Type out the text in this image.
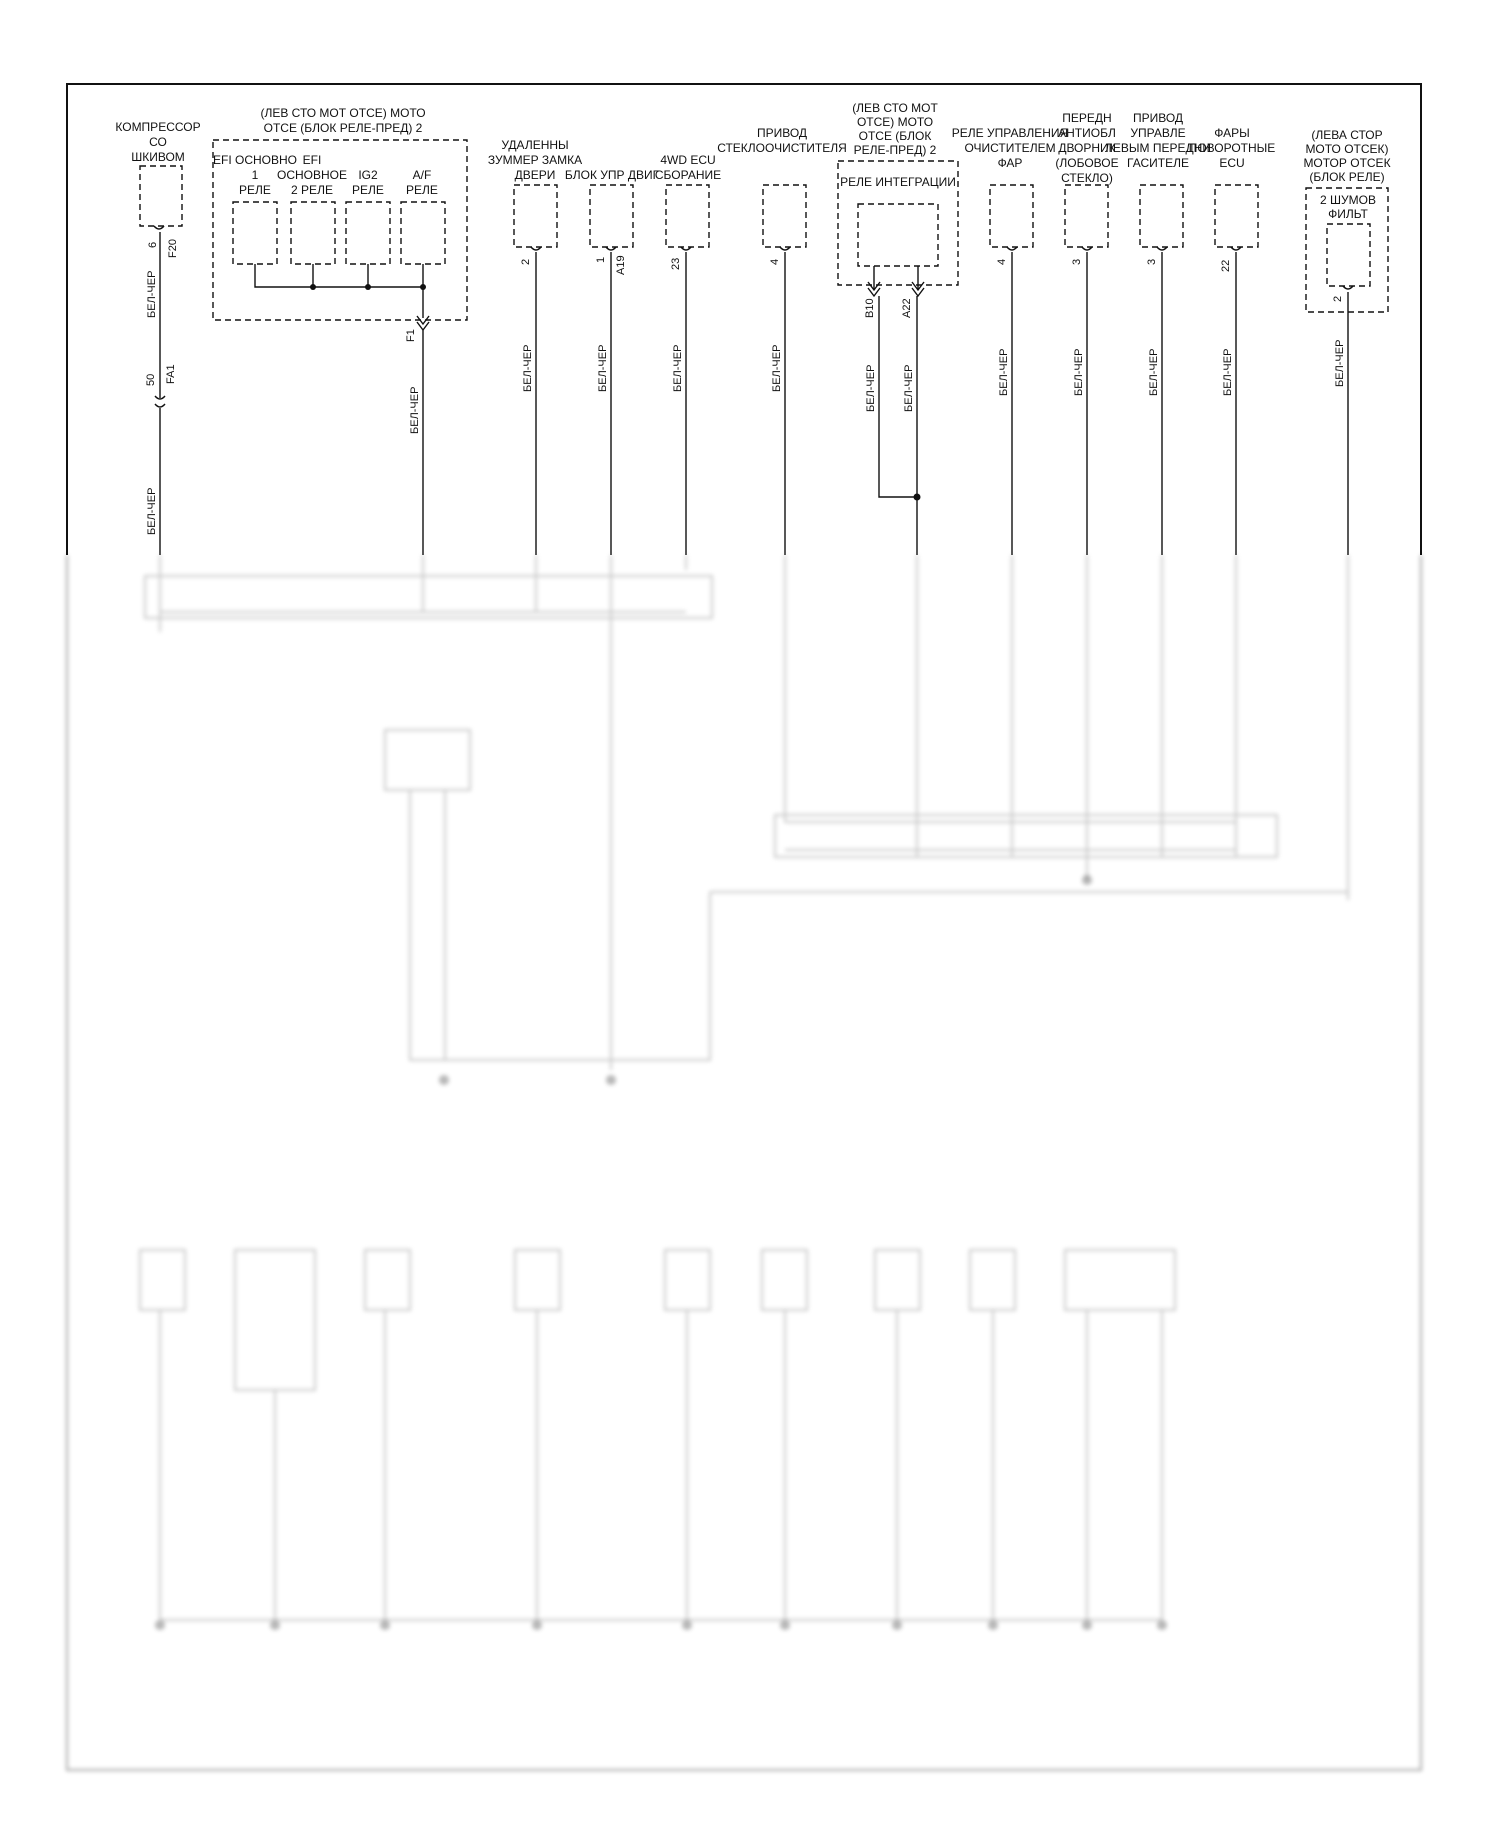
КОМПРЕССОР
СО
ШКИВОМ
6 F20
БЕЛ-ЧЕР
50 FA1
БЕЛ-ЧЕР
(ЛЕВ СТО МОТ ОТСЕ) МОТО
ОТСЕ (БЛОК РЕЛЕ-ПРЕД) 2
EFI ОСНОВНО
1
РЕЛЕ
EFI
ОСНОВНОЕ
2 РЕЛЕ
IG2
РЕЛЕ
A/F
РЕЛЕ
F1
БЕЛ-ЧЕР
УДАЛЕННЫ
ЗУММЕР ЗАМКА
ДВЕРИ
2
БЕЛ-ЧЕР
БЛОК УПР ДВИГ
1 A19
БЕЛ-ЧЕР
4WD ECU
СБОРАНИЕ
23
БЕЛ-ЧЕР
ПРИВОД
СТЕКЛООЧИСТИТЕЛЯ
4
БЕЛ-ЧЕР
(ЛЕВ СТО МОТ
ОТСЕ) МОТО
ОТСЕ (БЛОК
РЕЛЕ-ПРЕД) 2
РЕЛЕ ИНТЕГРАЦИИ
B10 A22
БЕЛ-ЧЕР БЕЛ-ЧЕР
РЕЛЕ УПРАВЛЕНИЯ
ОЧИСТИТЕЛЕМ
ФАР
4
БЕЛ-ЧЕР
ПЕРЕДН
АНТИОБЛ
ДВОРНИК
(ЛОБОВОЕ
СТЕКЛО)
3
БЕЛ-ЧЕР
ПРИВОД
УПРАВЛЕ
ЛЕВЫМ ПЕРЕДНИ
ГАСИТЕЛЕ
3
БЕЛ-ЧЕР
ФАРЫ
ПОВОРОТНЫЕ
ECU
22
БЕЛ-ЧЕР
(ЛЕВА СТОР
МОТО ОТСЕК)
МОТОР ОТСЕК
(БЛОК РЕЛЕ)
2 ШУМОВ
ФИЛЬТ
2
БЕЛ-ЧЕР
